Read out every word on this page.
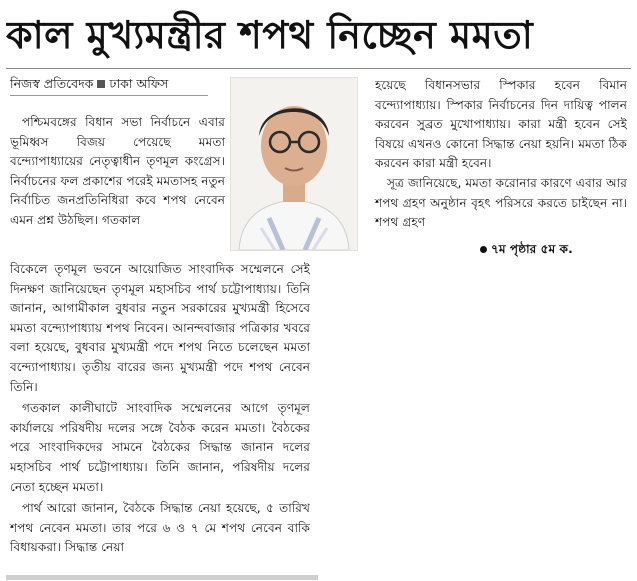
কাল মুখ্যমন্ত্রীর শপথ নিচ্ছেন মমতা
নিজস্ব প্রতিবেদক ঢাকা অফিস

পশ্চিমবঙ্গের বিধান সভা নির্বাচনে এবার ভূমিধ্বস বিজয় পেয়েছে মমতা বন্দ্যোপাধ্যায়ের নেতৃত্বাধীন তৃণমূল কংগ্রেস। নির্বাচনের ফল প্রকাশের পরেই মমতাসহ নতুন নির্বাচিত জনপ্রতিনিধিরা কবে শপথ নেবেন এমন প্রশ্ন উঠছিল। গতকাল

বিকেলে তৃণমূল ভবনে আয়োজিত সাংবাদিক সম্মেলনে সেই দিনক্ষণ জানিয়েছেন তৃণমূল মহাসচিব পার্থ চট্টোপাধ্যায়। তিনি জানান, আগামীকাল বুধবার নতুন সরকারের মুখ্যমন্ত্রী হিসেবে মমতা বন্দ্যোপাধ্যায় শপথ নিবেন। আনন্দবাজার পত্রিকার খবরে বলা হয়েছে, বুধবার মুখ্যমন্ত্রী পদে শপথ নিতে চলেছেন মমতা বন্দ্যোপাধ্যায়। তৃতীয় বারের জন্য মুখ্যমন্ত্রী পদে শপথ নেবেন তিনি।

গতকাল কালীঘাটে সাংবাদিক সম্মেলনের আগে তৃণমূল কার্যালয়ে পরিষদীয় দলের সঙ্গে বৈঠক করেন মমতা। বৈঠকের পরে সাংবাদিকদের সামনে বৈঠকের সিদ্ধান্ত জানান দলের মহাসচিব পার্থ চট্টোপাধ্যায়। তিনি জানান, পরিষদীয় দলের নেতা হচ্ছেন মমতা।

পার্থ আরো জানান, বৈঠকে সিদ্ধান্ত নেয়া হয়েছে, ৫ তারিখ শপথ নেবেন মমতা। তার পরে ৬ ও ৭ মে শপথ নেবেন বাকি বিধায়করা। সিদ্ধান্ত নেয়া

হয়েছে বিধানসভার স্পিকার হবেন বিমান বন্দ্যোপাধ্যায়। স্পিকার নির্বাচনের দিন দায়িত্ব পালন করবেন সুব্রত মুখোপাধ্যায়। কারা মন্ত্রী হবেন সেই বিষয়ে এখনও কোনো সিদ্ধান্ত নেয়া হয়নি। মমতা ঠিক করবেন কারা মন্ত্রী হবেন।

সূত্র জানিয়েছে, মমতা করোনার কারণে এবার আর শপথ গ্রহণ অনুষ্ঠান বৃহৎ পরিসরে করতে চাইছেন না। শপথ গ্রহণ

৭ম পৃষ্ঠার ৫ম ক.
